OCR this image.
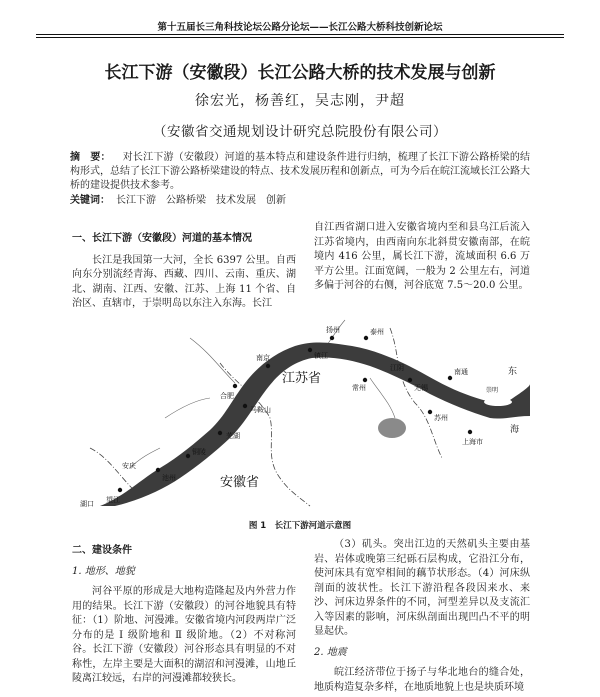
第十五届长三角科技论坛公路分论坛——长江公路大桥科技创新论坛
长江下游（安徽段）长江公路大桥的技术发展与创新
徐宏光，杨善红，吴志刚，尹超
（安徽省交通规划设计研究总院股份有限公司）
摘　要： 对长江下游（安徽段）河道的基本特点和建设条件进行归纳，梳理了长江下游公路桥梁的结构形式，总结了长江下游公路桥梁建设的特点、技术发展历程和创新点，可为今后在皖江流域长江公路大桥的建设提供技术参考。
关键词： 长江下游　公路桥梁　技术发展　创新

一、长江下游（安徽段）河道的基本情况

长江是我国第一大河，全长 6397 公里。自西向东分别流经青海、西藏、四川、云南、重庆、湖北、湖南、江西、安徽、江苏、上海 11 个省、自治区、直辖市，于崇明岛以东注入东海。长江

自江西省湖口进入安徽省境内至和县乌江后流入江苏省境内，由西南向东北斜贯安徽南部，在皖境内 416 公里，属长江下游，流域面积 6.6 万平方公里。江面宽阔，一般为 2 公里左右，河道多偏于河谷的右侧，河谷底宽 7.5～20.0 公里。

江苏省
安徽省
南京	镇江
扬州	泰州
南通
常州	无锡
苏州
上海市
江阴
崇明
东
海
马鞍山
合肥
芜湖
铜陵
池州
安庆
望江
湖口
图 1　长江下游河道示意图

二、建设条件

1. 地形、地貌

河谷平原的形成是大地构造隆起及内外营力作用的结果。长江下游（安徽段）的河谷地貌具有特征：（1）阶地、河漫滩。安徽省境内河段两岸广泛分布的是 Ⅰ 级阶地和 Ⅱ 级阶地。（2）不对称河谷。长江下游（安徽段）河谷形态具有明显的不对称性，左岸主要是大面积的湖沼和河漫滩，山地丘陵离江较远，右岸的河漫滩都较狭长。

（3）矶头。突出江边的天然矶头主要由基岩、岩体或晚第三纪砾石层构成，它沿江分布，使河床具有宽窄相间的藕节状形态。（4）河床纵剖面的波状性。长江下游沿程各段因来水、来沙、河床边界条件的不同，河型差异以及支流汇入等因素的影响，河床纵剖面出现凹凸不平的明显起伏。

2. 地震

皖江经济带位于扬子与华北地台的缝合处，地质构造复杂多样，在地质地貌上也是块质环境
